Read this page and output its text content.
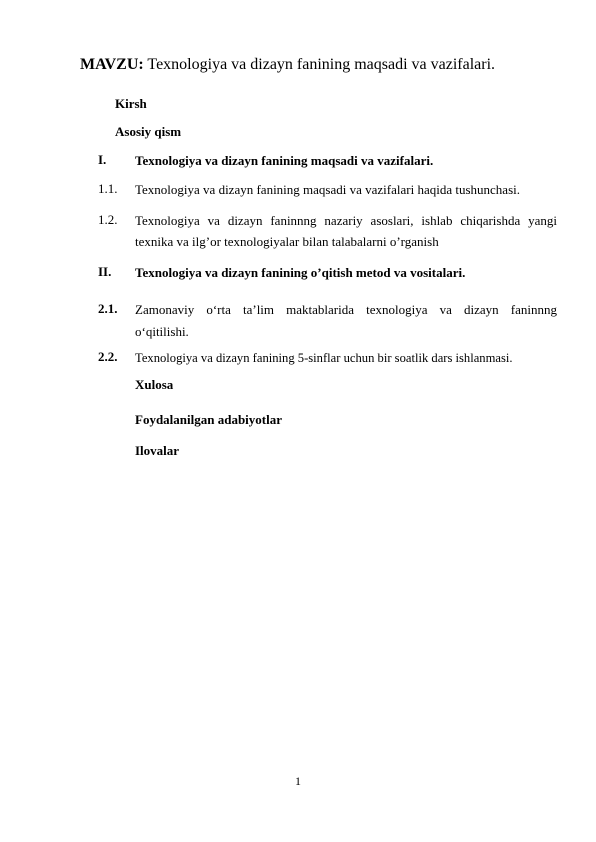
MAVZU: Texnologiya va dizayn fanining maqsadi va vazifalari.
Kirsh
Asosiy qism
I. Texnologiya va dizayn fanining maqsadi va vazifalari.
1.1. Texnologiya va dizayn fanining maqsadi va vazifalari haqida tushunchasi.
1.2. Texnologiya va dizayn faninnng nazariy asoslari, ishlab chiqarishda yangi
texnika va ilg’or texnologiyalar bilan talabalarni o’rganish
II. Texnologiya va dizayn fanining o’qitish metod va vositalari.
2.1. Zamonaviy o‘rta ta’lim maktablarida texnologiya va dizayn faninnng
o‘qitilishi.
2.2. Texnologiya va dizayn fanining 5-sinflar uchun bir soatlik dars ishlanmasi.
Xulosa
Foydalanilgan adabiyotlar
Ilovalar
1
